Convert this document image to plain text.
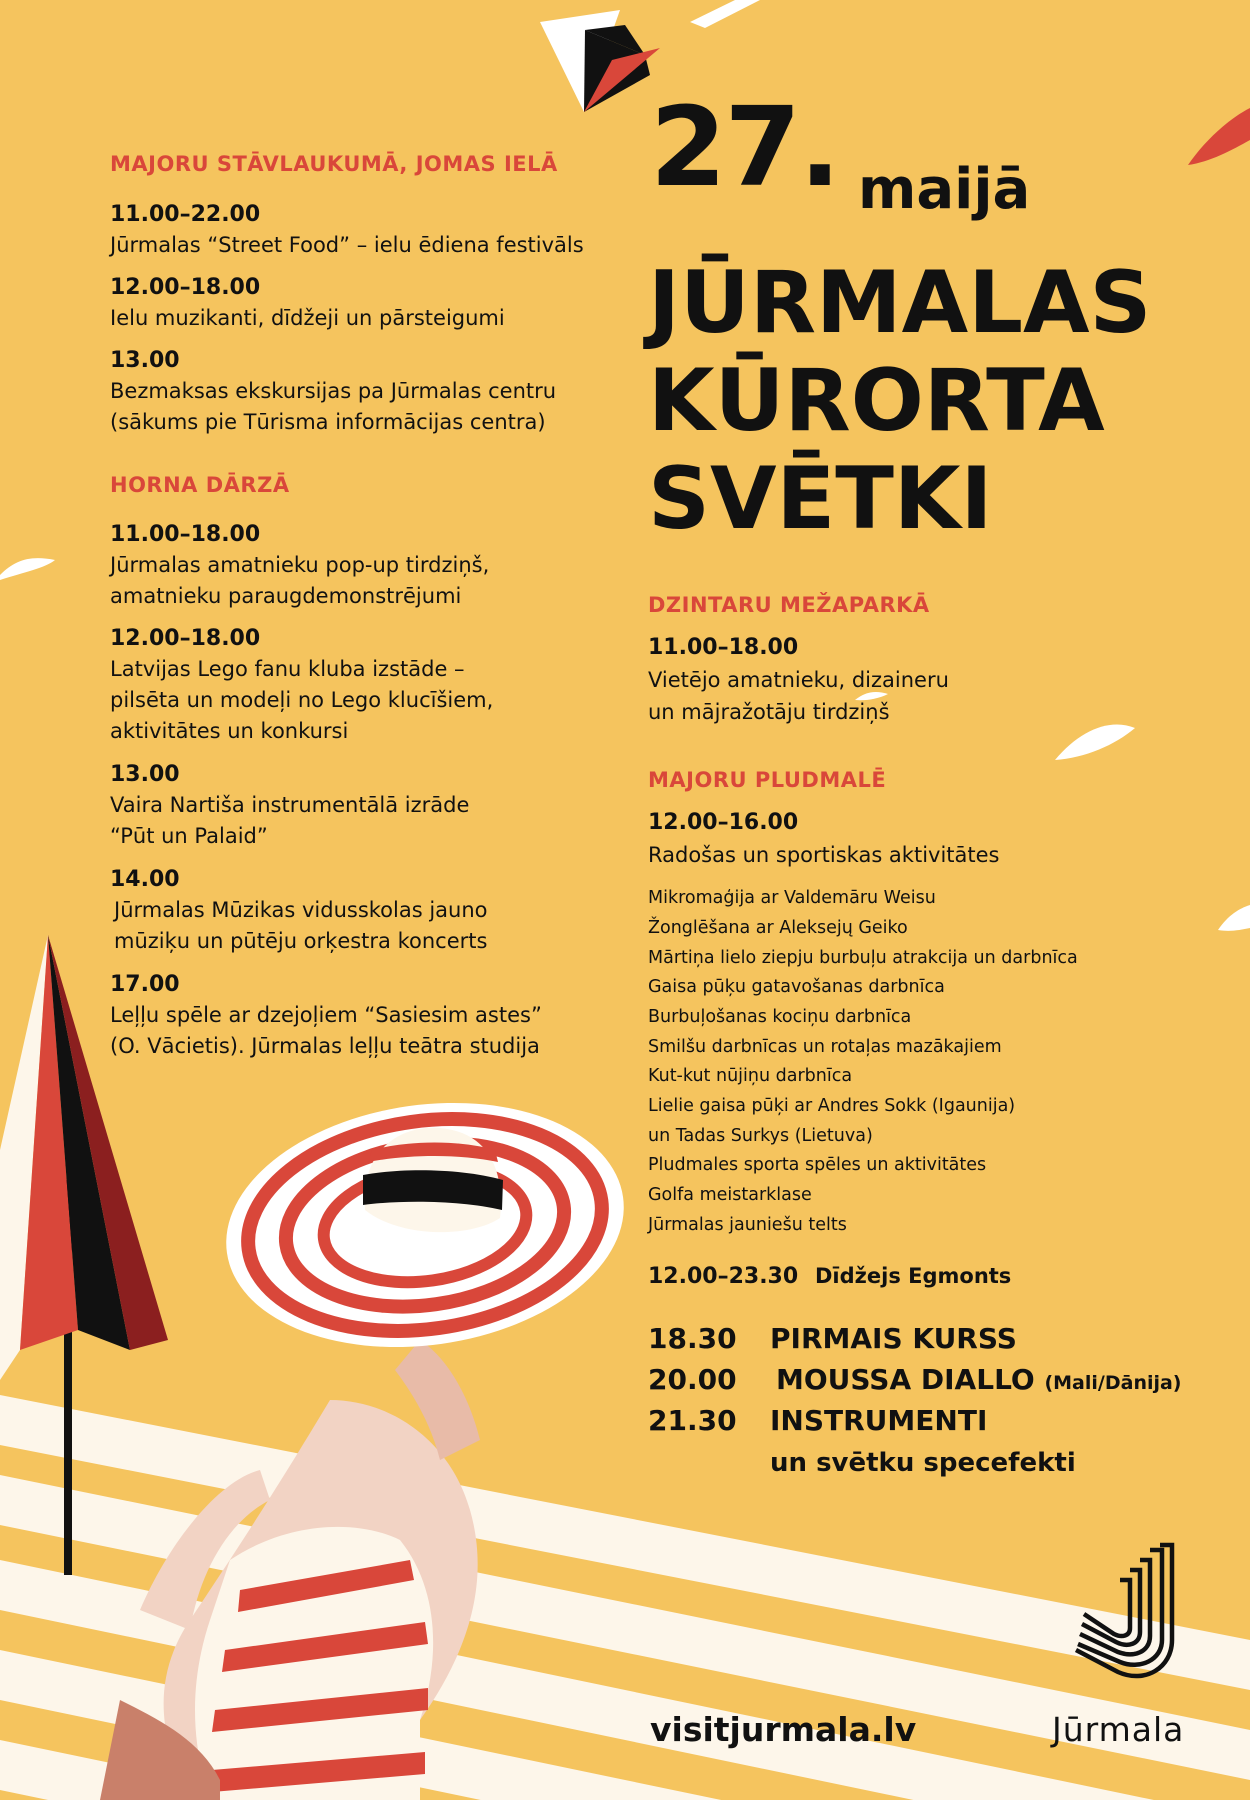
27. maijā
JŪRMALAS
KŪRORTA
SVĒTKI
MAJORU STĀVLAUKUMĀ, JOMAS IELĀ
11.00–22.00
Jūrmalas “Street Food” – ielu ēdiena festivāls
12.00–18.00
Ielu muzikanti, dīdžeji un pārsteigumi
13.00
Bezmaksas ekskursijas pa Jūrmalas centru
(sākums pie Tūrisma informācijas centra)
HORNA DĀRZĀ
11.00–18.00
Jūrmalas amatnieku pop-up tirdziņš,
amatnieku paraugdemonstrējumi
12.00–18.00
Latvijas Lego fanu kluba izstāde –
pilsēta un modeļi no Lego klucīšiem,
aktivitātes un konkursi
13.00
Vaira Nartiša instrumentālā izrāde
“Pūt un Palaid”
14.00
Jūrmalas Mūzikas vidusskolas jauno
mūziķu un pūtēju orķestra koncerts
17.00
Leļļu spēle ar dzejoļiem “Sasiesim astes”
(O. Vācietis). Jūrmalas leļļu teātra studija
DZINTARU MEŽAPARKĀ
11.00–18.00
Vietējo amatnieku, dizaineru
un mājražotāju tirdziņš
MAJORU PLUDMALĒ
12.00–16.00
Radošas un sportiskas aktivitātes
Mikromaģija ar Valdemāru Weisu
Žonglēšana ar Aleksejų Geiko
Mārtiņa lielo ziepju burbuļu atrakcija un darbnīca
Gaisa pūķu gatavošanas darbnīca
Burbuļošanas kociņu darbnīca
Smilšu darbnīcas un rotaļas mazākajiem
Kut-kut nūjiņu darbnīca
Lielie gaisa pūķi ar Andres Sokk (Igaunija)
un Tadas Surkys (Lietuva)
Pludmales sporta spēles un aktivitātes
Golfa meistarklase
Jūrmalas jauniešu telts
12.00–23.30 Dīdžejs Egmonts
18.30 PIRMAIS KURSS
20.00 MOUSSA DIALLO (Mali/Dānija)
21.30 INSTRUMENTI
un svētku specefekti
visitjurmala.lv	Jūrmala
